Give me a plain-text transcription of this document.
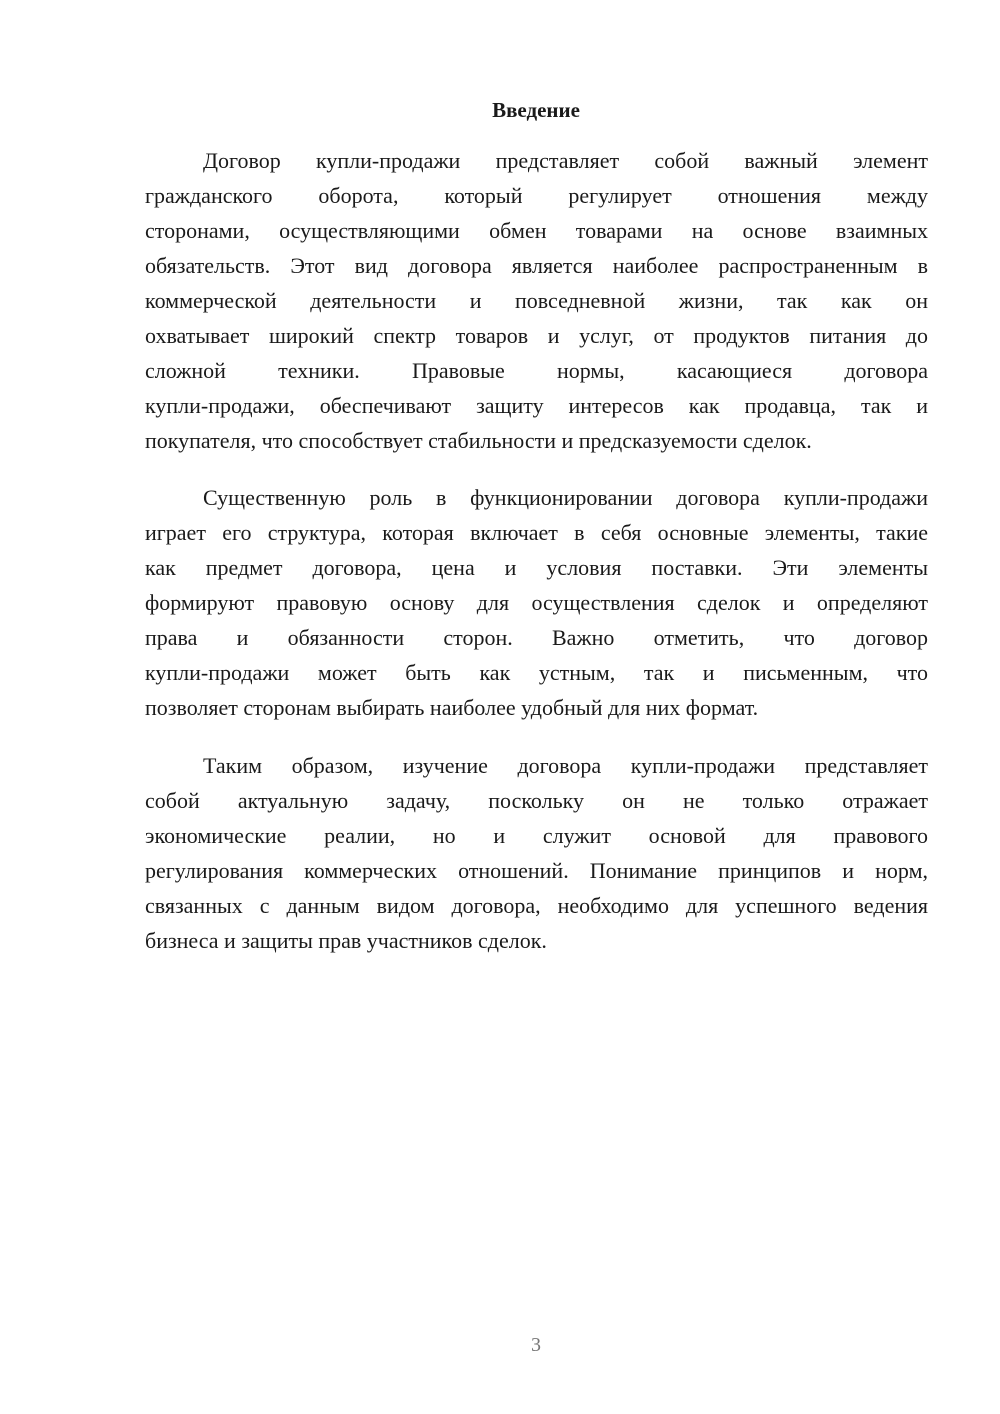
Введение
Договор купли-продажи представляет собой важный элемент
гражданского оборота, который регулирует отношения между
сторонами, осуществляющими обмен товарами на основе взаимных
обязательств. Этот вид договора является наиболее распространенным в
коммерческой деятельности и повседневной жизни, так как он
охватывает широкий спектр товаров и услуг, от продуктов питания до
сложной техники. Правовые нормы, касающиеся договора
купли-продажи, обеспечивают защиту интересов как продавца, так и
покупателя, что способствует стабильности и предсказуемости сделок.
Существенную роль в функционировании договора купли-продажи
играет его структура, которая включает в себя основные элементы, такие
как предмет договора, цена и условия поставки. Эти элементы
формируют правовую основу для осуществления сделок и определяют
права и обязанности сторон. Важно отметить, что договор
купли-продажи может быть как устным, так и письменным, что
позволяет сторонам выбирать наиболее удобный для них формат.
Таким образом, изучение договора купли-продажи представляет
собой актуальную задачу, поскольку он не только отражает
экономические реалии, но и служит основой для правового
регулирования коммерческих отношений. Понимание принципов и норм,
связанных с данным видом договора, необходимо для успешного ведения
бизнеса и защиты прав участников сделок.
3
